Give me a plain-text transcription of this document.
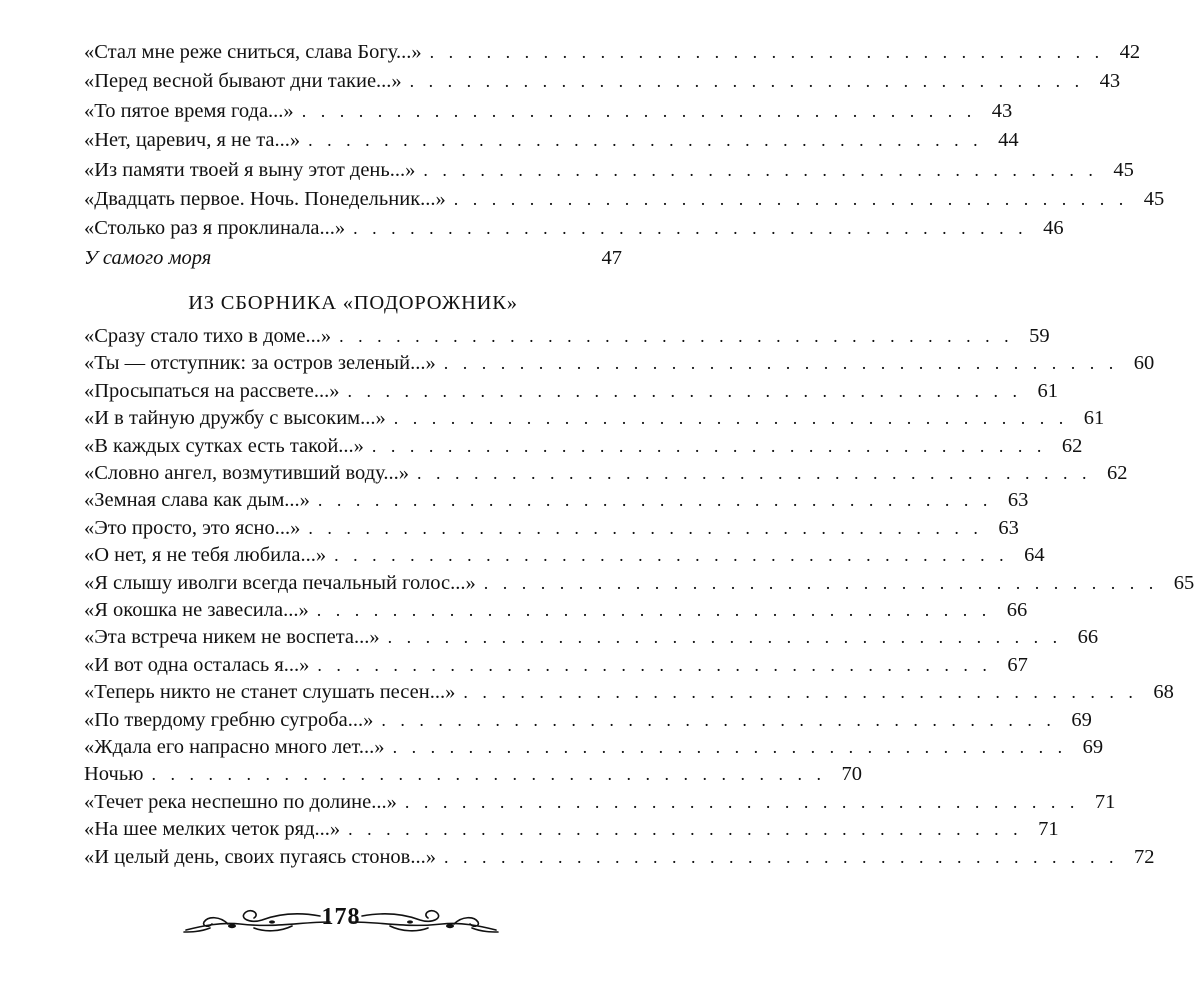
«Стал мне реже сниться, слава Богу...» . . . . . . . . . . . . . . . . . . . . . . . . . . . . . . . . . . . . 42
«Перед весной бывают дни такие...» . . . . . . . . . . . . . . . . . . . . . . . . . . . . . . . . . . . . 43
«То пятое время года...» . . . . . . . . . . . . . . . . . . . . . . . . . . . . . . . . . . . . 43
«Нет, царевич, я не та...» . . . . . . . . . . . . . . . . . . . . . . . . . . . . . . . . . . . . 44
«Из памяти твоей я выну этот день...» . . . . . . . . . . . . . . . . . . . . . . . . . . . . . . . . . . . . 45
«Двадцать первое. Ночь. Понедельник...» . . . . . . . . . . . . . . . . . . . . . . . . . . . . . . . . . . . . 45
«Столько раз я проклинала...» . . . . . . . . . . . . . . . . . . . . . . . . . . . . . . . . . . . . 46
У самого моря	47
ИЗ СБОРНИКА «ПОДОРОЖНИК»
«Сразу стало тихо в доме...» . . . . . . . . . . . . . . . . . . . . . . . . . . . . . . . . . . . . 59
«Ты — отступник: за остров зеленый...» . . . . . . . . . . . . . . . . . . . . . . . . . . . . . . . . . . . . 60
«Просыпаться на рассвете...» . . . . . . . . . . . . . . . . . . . . . . . . . . . . . . . . . . . . 61
«И в тайную дружбу с высоким...» . . . . . . . . . . . . . . . . . . . . . . . . . . . . . . . . . . . . 61
«В каждых сутках есть такой...» . . . . . . . . . . . . . . . . . . . . . . . . . . . . . . . . . . . . 62
«Словно ангел, возмутивший воду...» . . . . . . . . . . . . . . . . . . . . . . . . . . . . . . . . . . . . 62
«Земная слава как дым...» . . . . . . . . . . . . . . . . . . . . . . . . . . . . . . . . . . . . 63
«Это просто, это ясно...» . . . . . . . . . . . . . . . . . . . . . . . . . . . . . . . . . . . . 63
«О нет, я не тебя любила...» . . . . . . . . . . . . . . . . . . . . . . . . . . . . . . . . . . . . 64
«Я слышу иволги всегда печальный голос...» . . . . . . . . . . . . . . . . . . . . . . . . . . . . . . . . . . . . 65
«Я окошка не завесила...» . . . . . . . . . . . . . . . . . . . . . . . . . . . . . . . . . . . . 66
«Эта встреча никем не воспета...» . . . . . . . . . . . . . . . . . . . . . . . . . . . . . . . . . . . . 66
«И вот одна осталась я...» . . . . . . . . . . . . . . . . . . . . . . . . . . . . . . . . . . . . 67
«Теперь никто не станет слушать песен...» . . . . . . . . . . . . . . . . . . . . . . . . . . . . . . . . . . . . 68
«По твердому гребню сугроба...» . . . . . . . . . . . . . . . . . . . . . . . . . . . . . . . . . . . . 69
«Ждала его напрасно много лет...» . . . . . . . . . . . . . . . . . . . . . . . . . . . . . . . . . . . . 69
Ночью . . . . . . . . . . . . . . . . . . . . . . . . . . . . . . . . . . . . 70
«Течет река неспешно по долине...» . . . . . . . . . . . . . . . . . . . . . . . . . . . . . . . . . . . . 71
«На шее мелких четок ряд...» . . . . . . . . . . . . . . . . . . . . . . . . . . . . . . . . . . . . 71
«И целый день, своих пугаясь стонов...» . . . . . . . . . . . . . . . . . . . . . . . . . . . . . . . . . . . . 72
178
